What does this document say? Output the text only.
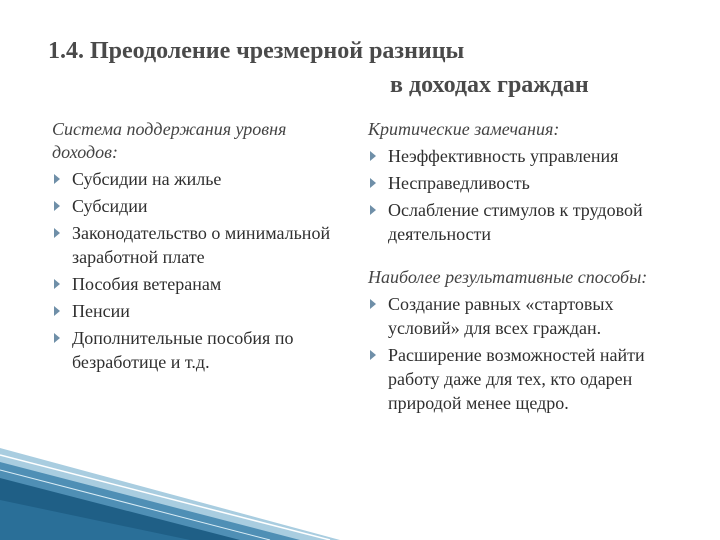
1.4. Преодоление чрезмерной разницы
в доходах граждан
Система поддержания уровня доходов:
Субсидии на жилье
Субсидии
Законодательство о минимальной заработной плате
Пособия ветеранам
Пенсии
Дополнительные пособия по безработице и т.д.
Критические замечания:
Неэффективность управления
Несправедливость
Ослабление стимулов к трудовой деятельности
Наиболее результативные способы:
Создание равных «стартовых условий» для всех граждан.
Расширение возможностей найти работу даже для тех, кто одарен природой менее щедро.
